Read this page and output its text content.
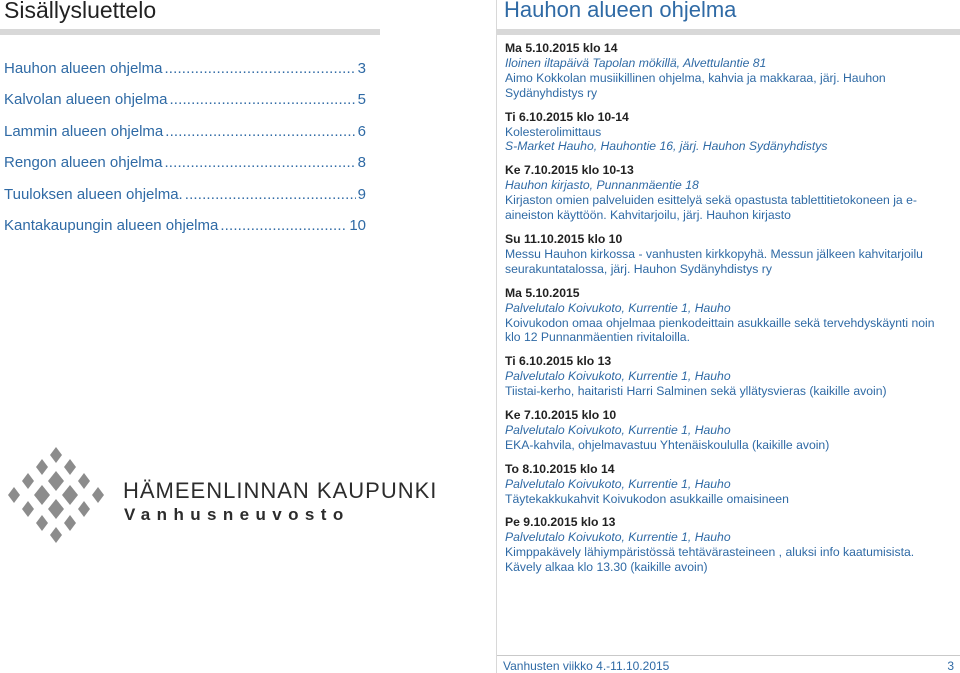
Sisällysluettelo
Hauhon alueen ohjelma . . .	3
Kalvolan alueen ohjelma . . .	5
Lammin alueen ohjelma . . .	6
Rengon alueen ohjelma . . .	8
Tuuloksen alueen ohjelma. . . .	9
Kantakaupungin alueen ohjelma . . .	10

HÄMEENLINNAN KAUPUNKI

Vanhusneuvosto

Hauhon alueen ohjelma
Ma 5.10.2015 klo 14
Iloinen iltapäivä Tapolan mökillä, Alvettulantie 81
Aimo Kokkolan musiikillinen ohjelma, kahvia ja makkaraa, järj. Hauhon Sydänyhdistys ry
Ti 6.10.2015 klo 10-14
Kolesterolimittaus
S-Market Hauho, Hauhontie 16, järj. Hauhon Sydänyhdistys
Ke 7.10.2015 klo 10-13
Hauhon kirjasto, Punnanmäentie 18
Kirjaston omien palveluiden esittelyä sekä opastusta tablettitietokoneen ja e-aineiston käyttöön. Kahvitarjoilu, järj. Hauhon kirjasto
Su 11.10.2015 klo 10
Messu Hauhon kirkossa - vanhusten kirkkopyhä. Messun jälkeen kahvitarjoilu seurakuntatalossa, järj. Hauhon Sydänyhdistys ry
Ma 5.10.2015
Palvelutalo Koivukoto, Kurrentie 1, Hauho
Koivukodon omaa ohjelmaa pienkodeittain asukkaille sekä tervehdyskäynti noin klo 12 Punnanmäentien rivitaloilla.
Ti 6.10.2015 klo 13
Palvelutalo Koivukoto, Kurrentie 1, Hauho
Tiistai-kerho, haitaristi Harri Salminen sekä yllätysvieras (kaikille avoin)
Ke 7.10.2015 klo 10
Palvelutalo Koivukoto, Kurrentie 1, Hauho
EKA-kahvila, ohjelmavastuu Yhtenäiskoululla (kaikille avoin)
To 8.10.2015 klo 14
Palvelutalo Koivukoto, Kurrentie 1, Hauho
Täytekakkukahvit Koivukodon asukkaille omaisineen
Pe 9.10.2015 klo 13
Palvelutalo Koivukoto, Kurrentie 1, Hauho
Kimppakävely lähiympäristössä tehtävärasteineen , aluksi info kaatumisista. Kävely alkaa klo 13.30 (kaikille avoin)
Vanhusten viikko 4.-11.10.2015	3
